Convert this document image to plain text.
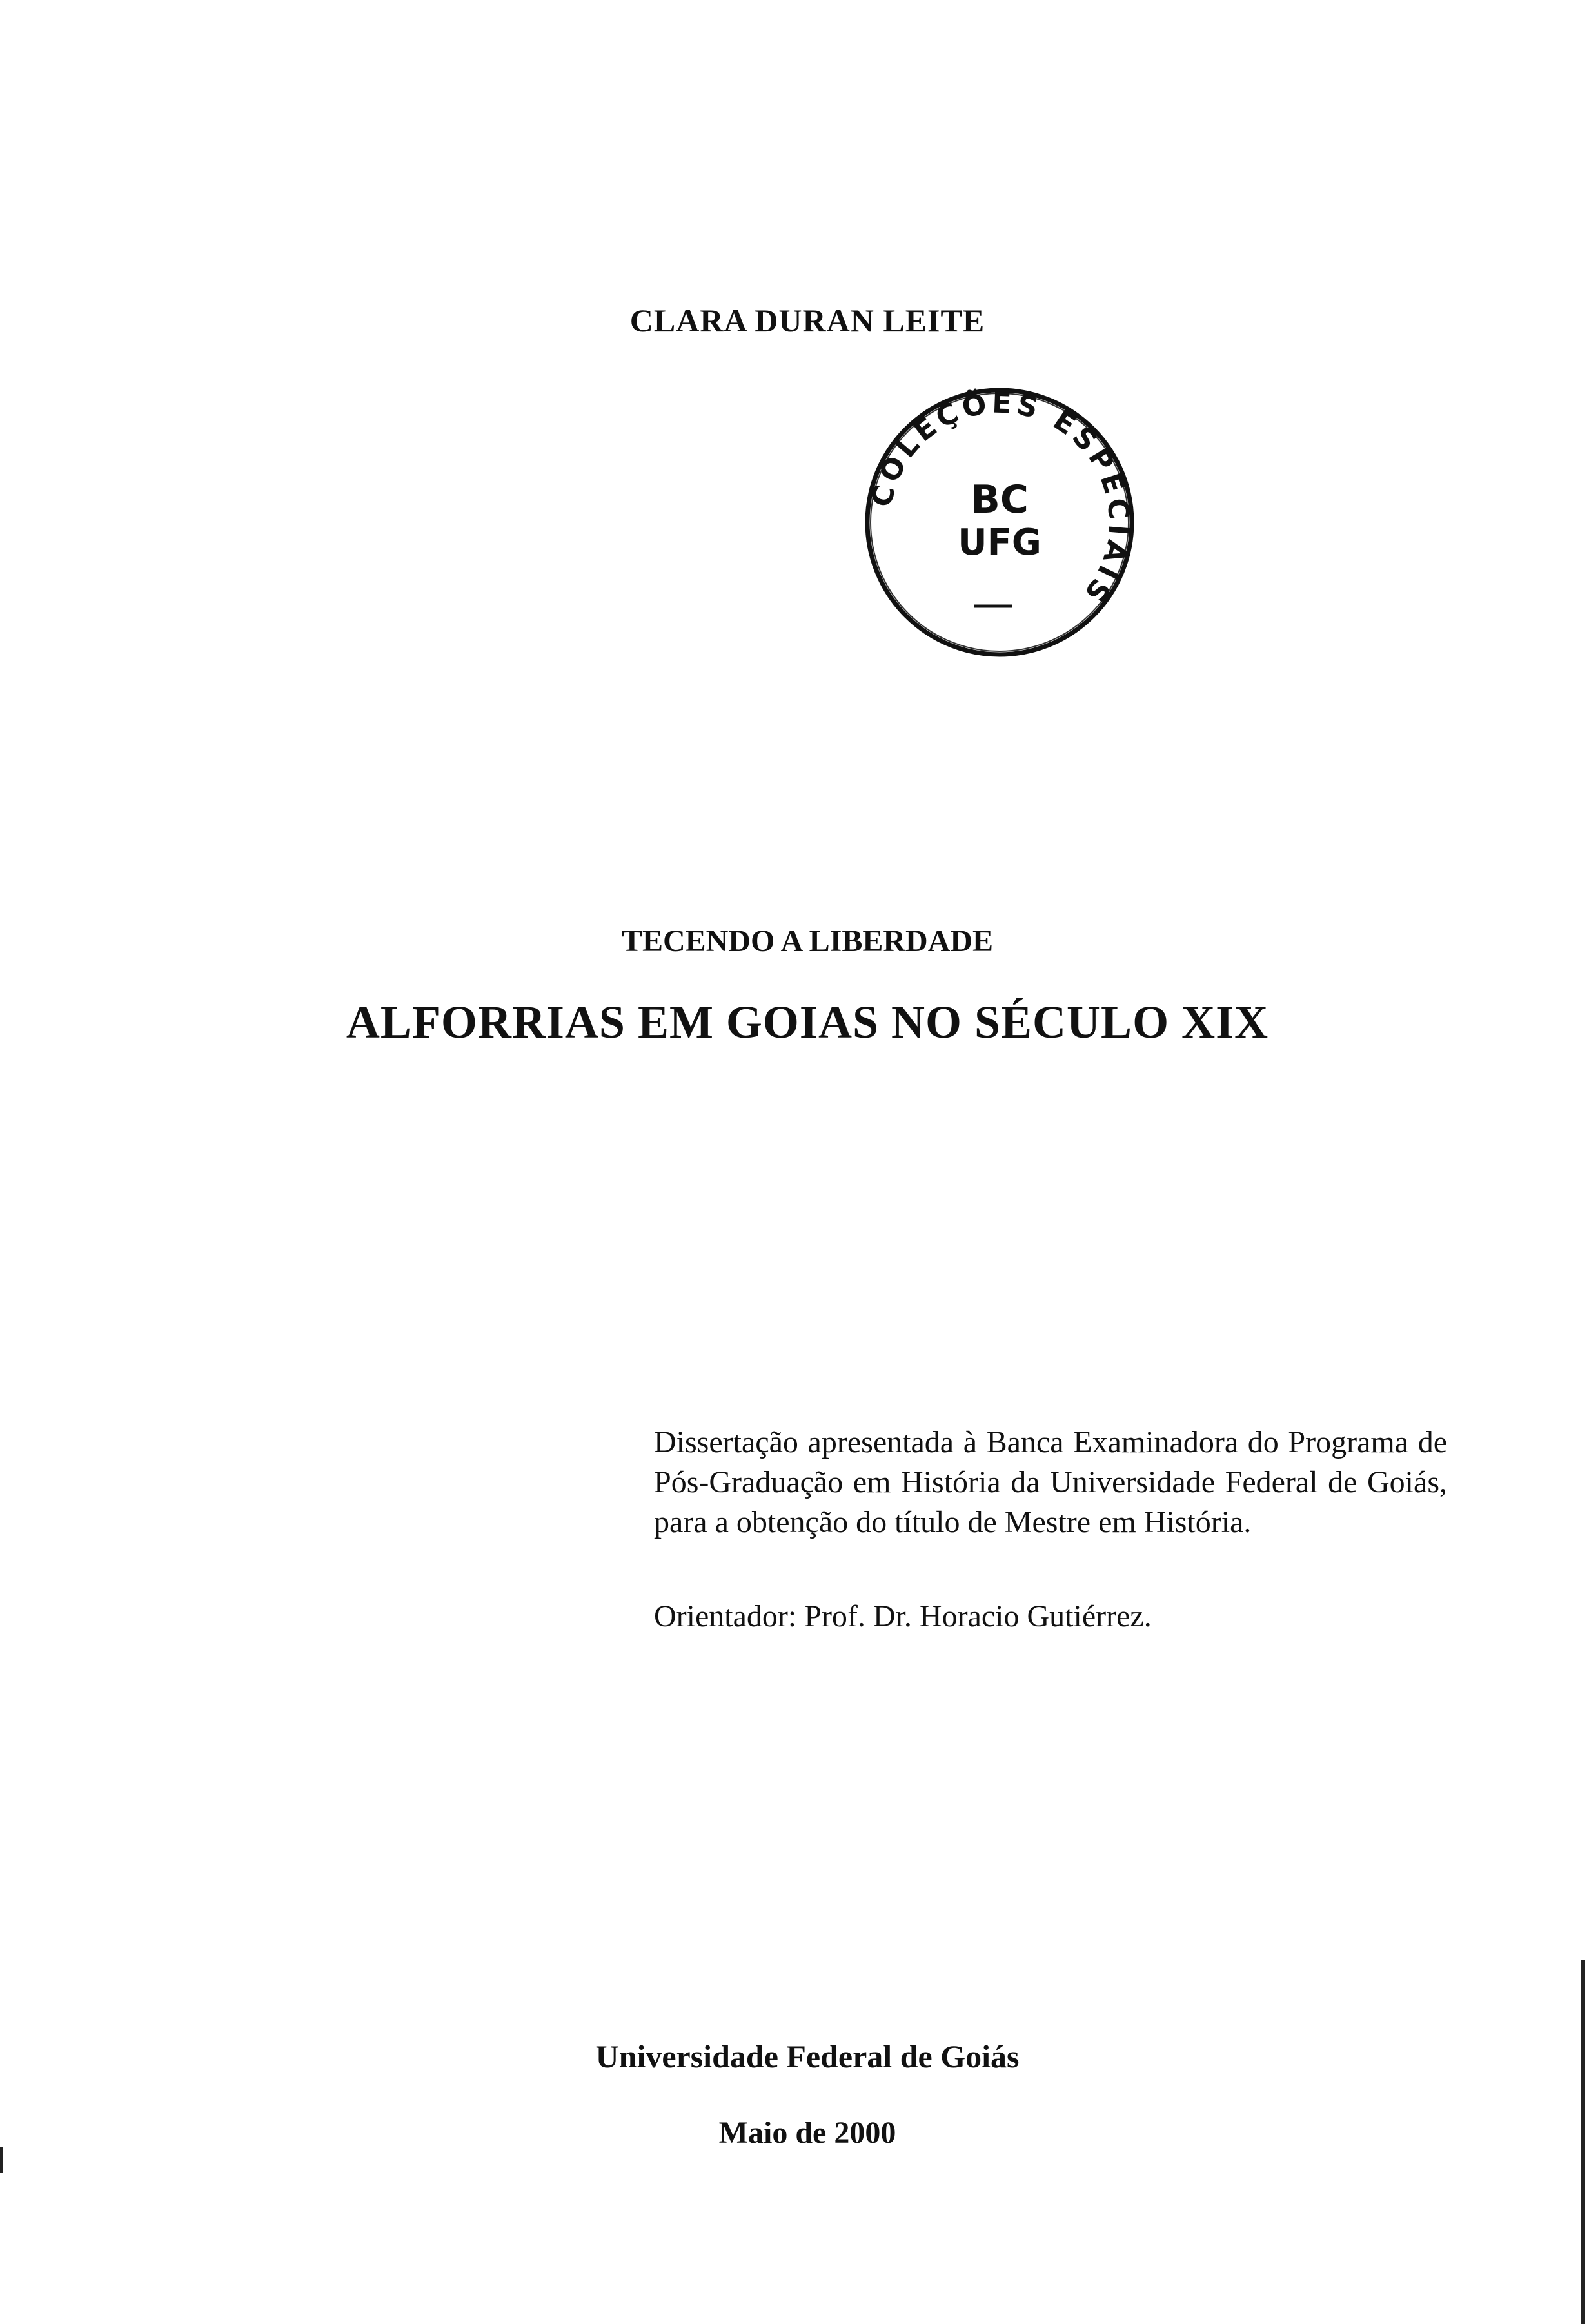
CLARA DURAN LEITE
COLEÇÕES ESPECIAIS
BC
UFG
TECENDO A LIBERDADE
ALFORRIAS EM GOIAS NO SÉCULO XIX
Dissertação apresentada à Banca Examinadora do Programa de Pós-Graduação em História da Universidade Federal de Goiás, para a obtenção do título de Mestre em História.
Orientador: Prof. Dr. Horacio Gutiérrez.
Universidade Federal de Goiás
Maio de 2000
